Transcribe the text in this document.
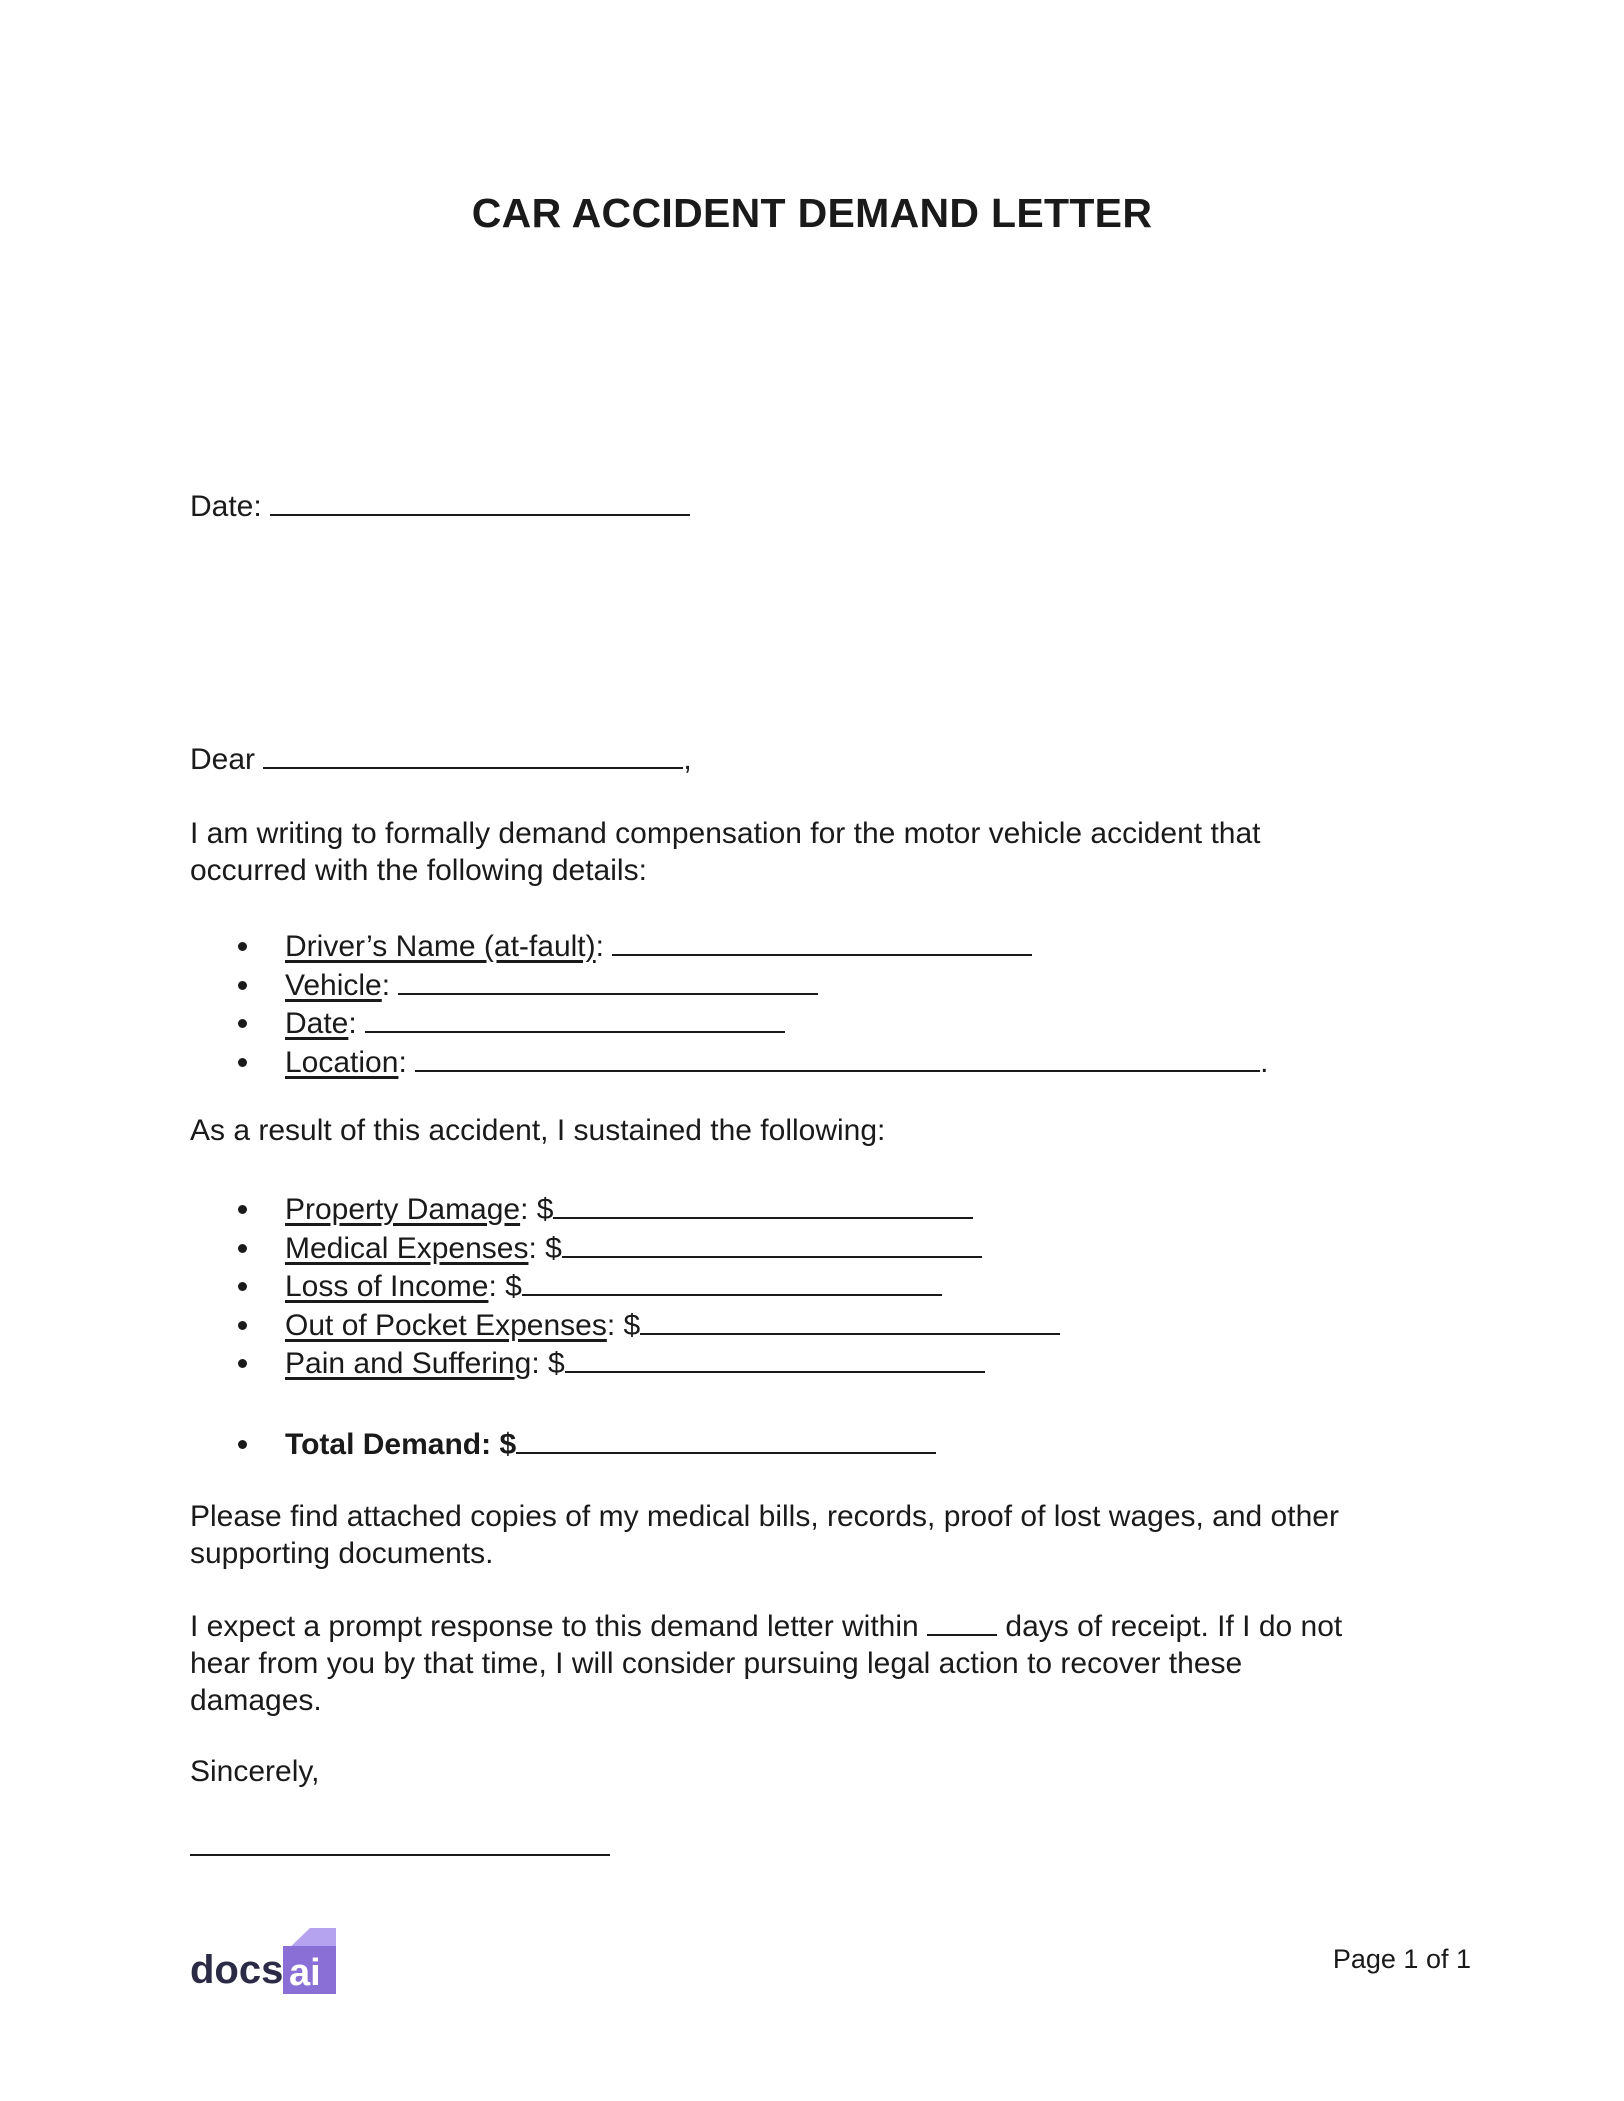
CAR ACCIDENT DEMAND LETTER
Date:
Dear	,
I am writing to formally demand compensation for the motor vehicle accident that
occurred with the following details:
Driver’s Name (at-fault):
Vehicle:
Date:
Location:	.
As a result of this accident, I sustained the following:
Property Damage: $
Medical Expenses: $
Loss of Income: $
Out of Pocket Expenses: $
Pain and Suffering: $
Total Demand: $
Please find attached copies of my medical bills, records, proof of lost wages, and other
supporting documents.
I expect a prompt response to this demand letter within	days of receipt. If I do not
hear from you by that time, I will consider pursuing legal action to recover these
damages.
Sincerely,
docs ai	Page 1 of 1
